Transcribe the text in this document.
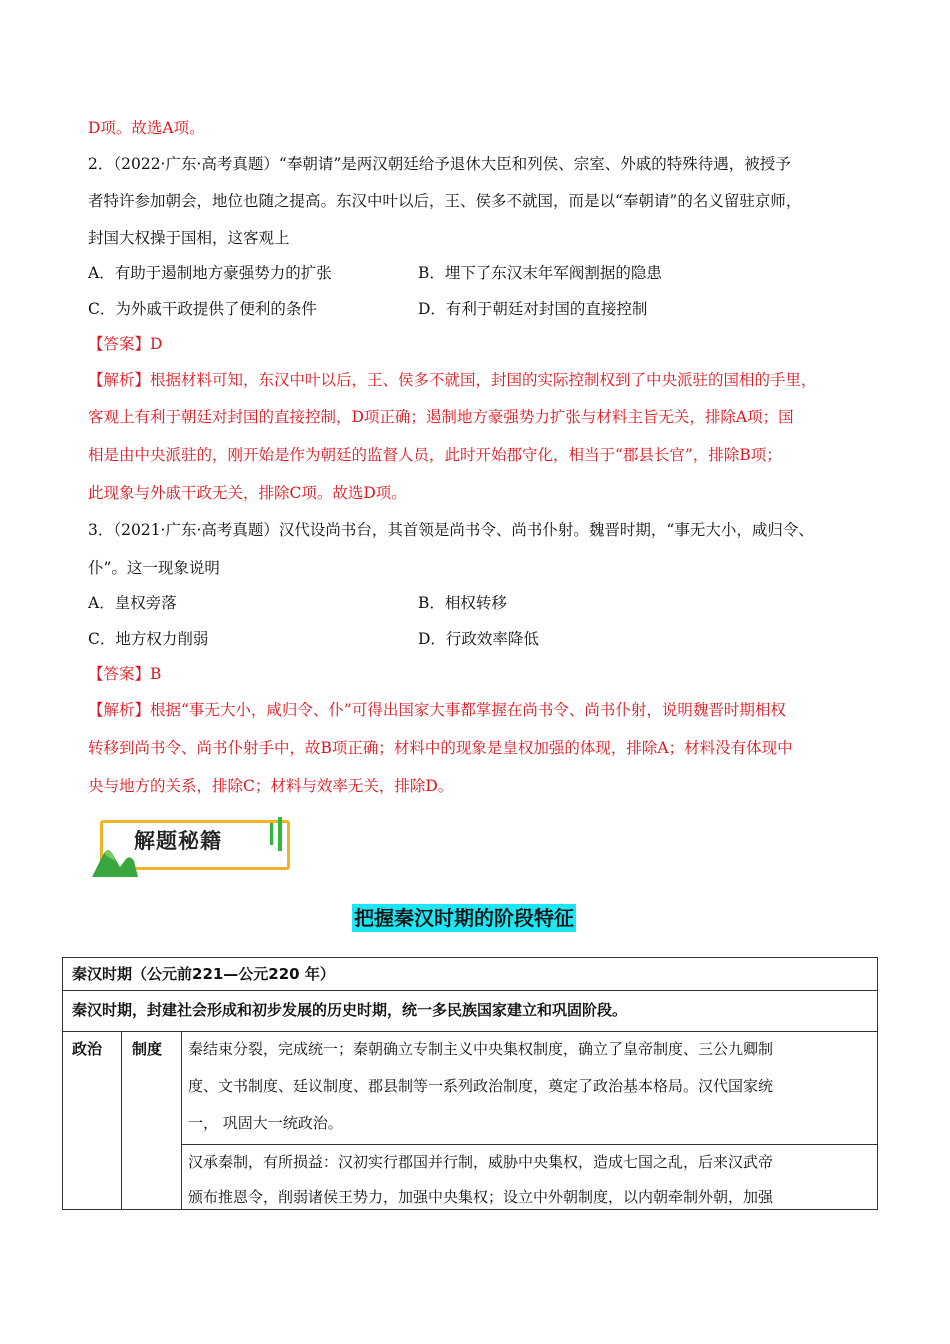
D项。故选A项。
2．（2022·广东·高考真题）“奉朝请”是两汉朝廷给予退休大臣和列侯、宗室、外戚的特殊待遇，被授予
者特许参加朝会，地位也随之提高。东汉中叶以后，王、侯多不就国，而是以“奉朝请”的名义留驻京师，
封国大权操于国相，这客观上
A．有助于遏制地方豪强势力的扩张	B．埋下了东汉末年军阀割据的隐患
C．为外戚干政提供了便利的条件	D．有利于朝廷对封国的直接控制
【答案】D
【解析】根据材料可知，东汉中叶以后，王、侯多不就国，封国的实际控制权到了中央派驻的国相的手里，
客观上有利于朝廷对封国的直接控制，D项正确；遏制地方豪强势力扩张与材料主旨无关，排除A项；国
相是由中央派驻的，刚开始是作为朝廷的监督人员，此时开始郡守化，相当于“郡县长官”，排除B项；
此现象与外戚干政无关，排除C项。故选D项。
3．（2021·广东·高考真题）汉代设尚书台，其首领是尚书令、尚书仆射。魏晋时期，“事无大小，咸归令、
仆”。这一现象说明
A．皇权旁落	B．相权转移
C．地方权力削弱	D．行政效率降低
【答案】B
【解析】根据“事无大小，咸归令、仆”可得出国家大事都掌握在尚书令、尚书仆射，说明魏晋时期相权
转移到尚书令、尚书仆射手中，故B项正确；材料中的现象是皇权加强的体现，排除A；材料没有体现中
央与地方的关系，排除C；材料与效率无关，排除D。
解题秘籍
把握秦汉时期的阶段特征
秦汉时期（公元前221—公元220 年）
秦汉时期，封建社会形成和初步发展的历史时期，统一多民族国家建立和巩固阶段。
政治 制度 秦结束分裂，完成统一；秦朝确立专制主义中央集权制度，确立了皇帝制度、三公九卿制
度、文书制度、廷议制度、郡县制等一系列政治制度，奠定了政治基本格局。汉代国家统
一， 巩固大一统政治。
汉承秦制，有所损益：汉初实行郡国并行制，威胁中央集权，造成七国之乱，后来汉武帝
颁布推恩令，削弱诸侯王势力，加强中央集权；设立中外朝制度，以内朝牵制外朝，加强
